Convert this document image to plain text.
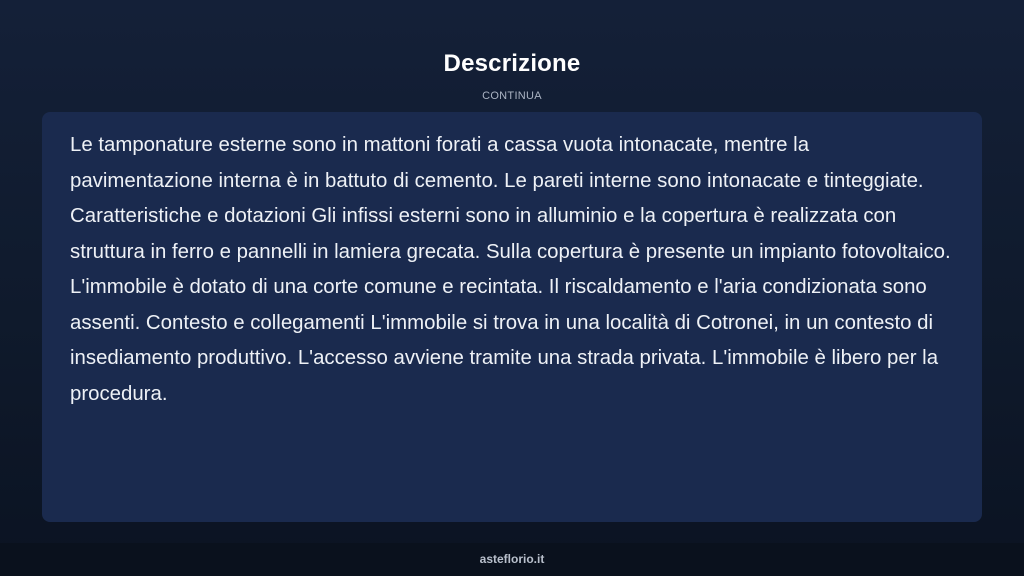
Descrizione
CONTINUA

Le tamponature esterne sono in mattoni forati a cassa vuota intonacate, mentre la pavimentazione interna è in battuto di cemento. Le pareti interne sono intonacate e tinteggiate. Caratteristiche e dotazioni Gli infissi esterni sono in alluminio e la copertura è realizzata con struttura in ferro e pannelli in lamiera grecata. Sulla copertura è presente un impianto fotovoltaico. L'immobile è dotato di una corte comune e recintata. Il riscaldamento e l'aria condizionata sono assenti. Contesto e collegamenti L'immobile si trova in una località di Cotronei, in un contesto di insediamento produttivo. L'accesso avviene tramite una strada privata. L'immobile è libero per la procedura.

asteflorio.it
